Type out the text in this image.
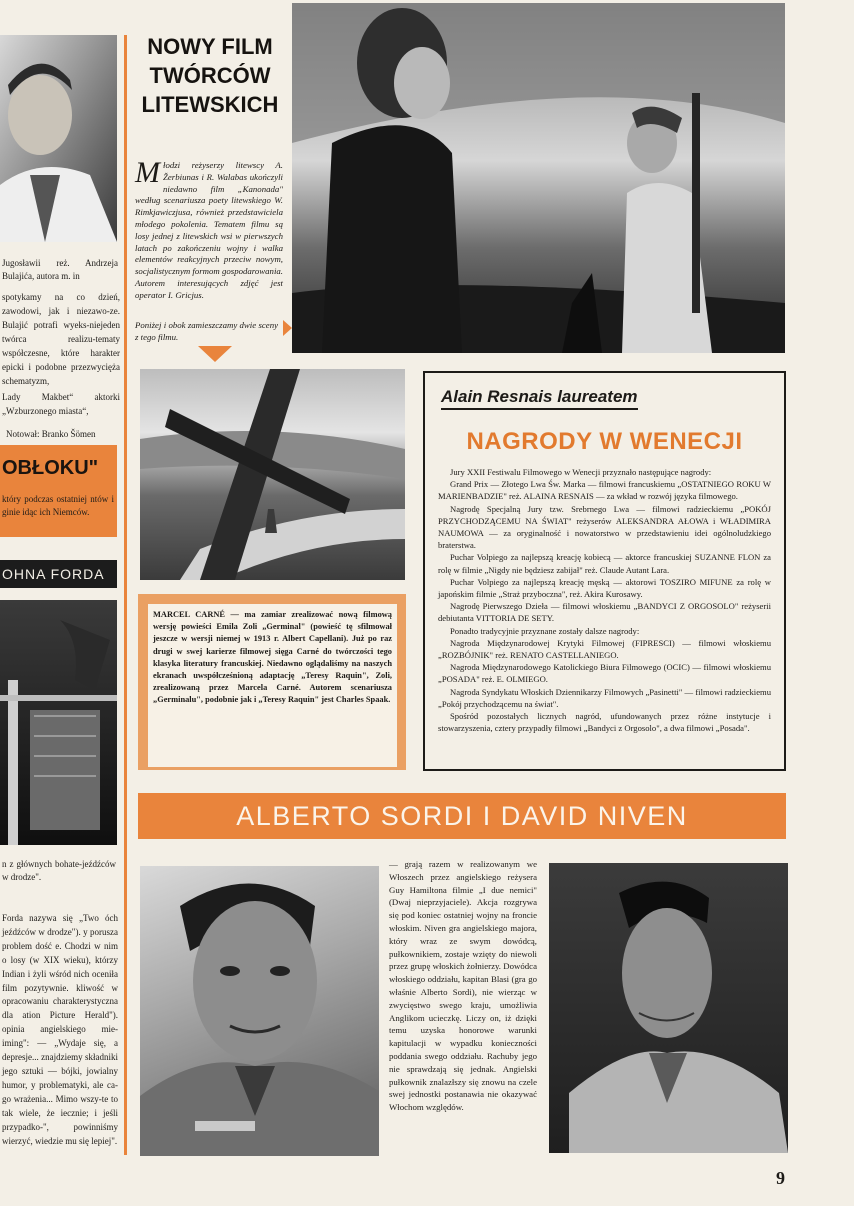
Jugosławii reż. Andrzeja Bulajića, autora m. in
spotykamy na co dzień, zawodowi, jak i niezawo-ze. Bulajić potrafi wyeks-niejeden twórca realizu-tematy współczesne, które harakter epicki i podobne przezwycięża schematyzm,
Lady Makbet“ aktorki „Wzburzonego miasta“,
Notował: Branko Šömen
OBŁOKU"
który podczas ostatniej ntów i ginie idąc ich Niemców.
OHNA FORDA
n z głównych bohate-jeźdźców w drodze".
Forda nazywa się „Two óch jeźdźców w drodze"). y porusza problem dość e. Chodzi w nim o losy (w XIX wieku), którzy Indian i żyli wśród nich oceniła film pozytywnie. kliwość w opracowaniu charakterystyczna dla ation Picture Herald"). opinia angielskiego mie-iming": — „Wydaje się, a depresje... znajdziemy składniki jego sztuki — bójki, jowialny humor, y problematyki, ale ca-go wrażenia... Mimo wszy-te to tak wiele, że iecznie; i jeśli przypadko-", powinniśmy wierzyć, wiedzie mu się lepiej".
NOWY FILM
TWÓRCÓW
LITEWSKICH
Młodzi reżyserzy litewscy A. Žerbiunas i R. Walabas ukończyli niedawno film „Kanonada" według scenariusza poety litewskiego W. Rimkjawiczjusa, również przedstawiciela młodego pokolenia. Tematem filmu są losy jednej z litewskich wsi w pierwszych latach po zakończeniu wojny i walka elementów reakcyjnych przeciw nowym, socjalistycznym formom gospodarowania. Autorem interesujących zdjęć jest operator I. Gricjus.
Poniżej i obok zamieszczamy dwie sceny z tego filmu.
MARCEL CARNÉ — ma zamiar zrealizować nową filmową wersję powieści Emila Zoli „Germinal" (powieść tę sfilmował jeszcze w wersji niemej w 1913 r. Albert Capellani). Już po raz drugi w swej karierze filmowej sięga Carné do twórczości tego klasyka literatury francuskiej. Niedawno oglądaliśmy na naszych ekranach uwspółcześnioną adaptację „Teresy Raquin", Zoli, zrealizowaną przez Marcela Carné. Autorem scenariusza „Germinalu", podobnie jak i „Teresy Raquin" jest Charles Spaak.
Alain Resnais laureatem
NAGRODY W WENECJI

Jury XXII Festiwalu Filmowego w Wenecji przyznało następujące nagrody:

Grand Prix — Złotego Lwa Św. Marka — filmowi francuskiemu „OSTATNIEGO ROKU W MARIENBADZIE" reż. ALAINA RESNAIS — za wkład w rozwój języka filmowego.

Nagrodę Specjalną Jury tzw. Srebrnego Lwa — filmowi radzieckiemu „POKÓJ PRZYCHODZĄCEMU NA ŚWIAT" reżyserów ALEKSANDRA AŁOWA i WŁADIMIRA NAUMOWA — za oryginalność i nowatorstwo w przedstawieniu idei ogólnoludzkiego braterstwa.

Puchar Volpiego za najlepszą kreację kobiecą — aktorce francuskiej SUZANNE FLON za rolę w filmie „Nigdy nie będziesz zabijał" reż. Claude Autant Lara.

Puchar Volpiego za najlepszą kreację męską — aktorowi TOSZIRO MIFUNE za rolę w japońskim filmie „Straż przyboczna", reż. Akira Kurosawy.

Nagrodę Pierwszego Dzieła — filmowi włoskiemu „BANDYCI Z ORGOSOLO" reżyserii debiutanta VITTORIA DE SETY.

Ponadto tradycyjnie przyznane zostały dalsze nagrody:

Nagroda Międzynarodowej Krytyki Filmowej (FIPRESCI) — filmowi włoskiemu „ROZBÓJNIK" reż. RENATO CASTELLANIEGO.

Nagroda Międzynarodowego Katolickiego Biura Filmowego (OCIC) — filmowi włoskiemu „POSADA" reż. E. OLMIEGO.

Nagroda Syndykatu Włoskich Dziennikarzy Filmowych „Pasinetti" — filmowi radzieckiemu „Pokój przychodzącemu na świat".

Spośród pozostałych licznych nagród, ufundowanych przez różne instytucje i stowarzyszenia, cztery przypadły filmowi „Bandyci z Orgosolo", a dwa filmowi „Posada".

ALBERTO SORDI I DAVID NIVEN
— grają razem w realizowanym we Włoszech przez angielskiego reżysera Guy Hamiltona filmie „I due nemici" (Dwaj nieprzyjaciele). Akcja rozgrywa się pod koniec ostatniej wojny na froncie włoskim. Niven gra angielskiego majora, który wraz ze swym dowódcą, pułkownikiem, zostaje wzięty do niewoli przez grupę włoskich żołnierzy. Dowódca włoskiego oddziału, kapitan Blasi (gra go właśnie Alberto Sordi), nie wierząc w zwycięstwo swego kraju, umożliwia Anglikom ucieczkę. Liczy on, iż dzięki temu uzyska honorowe warunki kapitulacji w wypadku konieczności poddania swego oddziału. Rachuby jego nie sprawdzają się jednak. Angielski pułkownik znalazłszy się znowu na czele swej jednostki postanawia nie okazywać Włochom względów.
9
